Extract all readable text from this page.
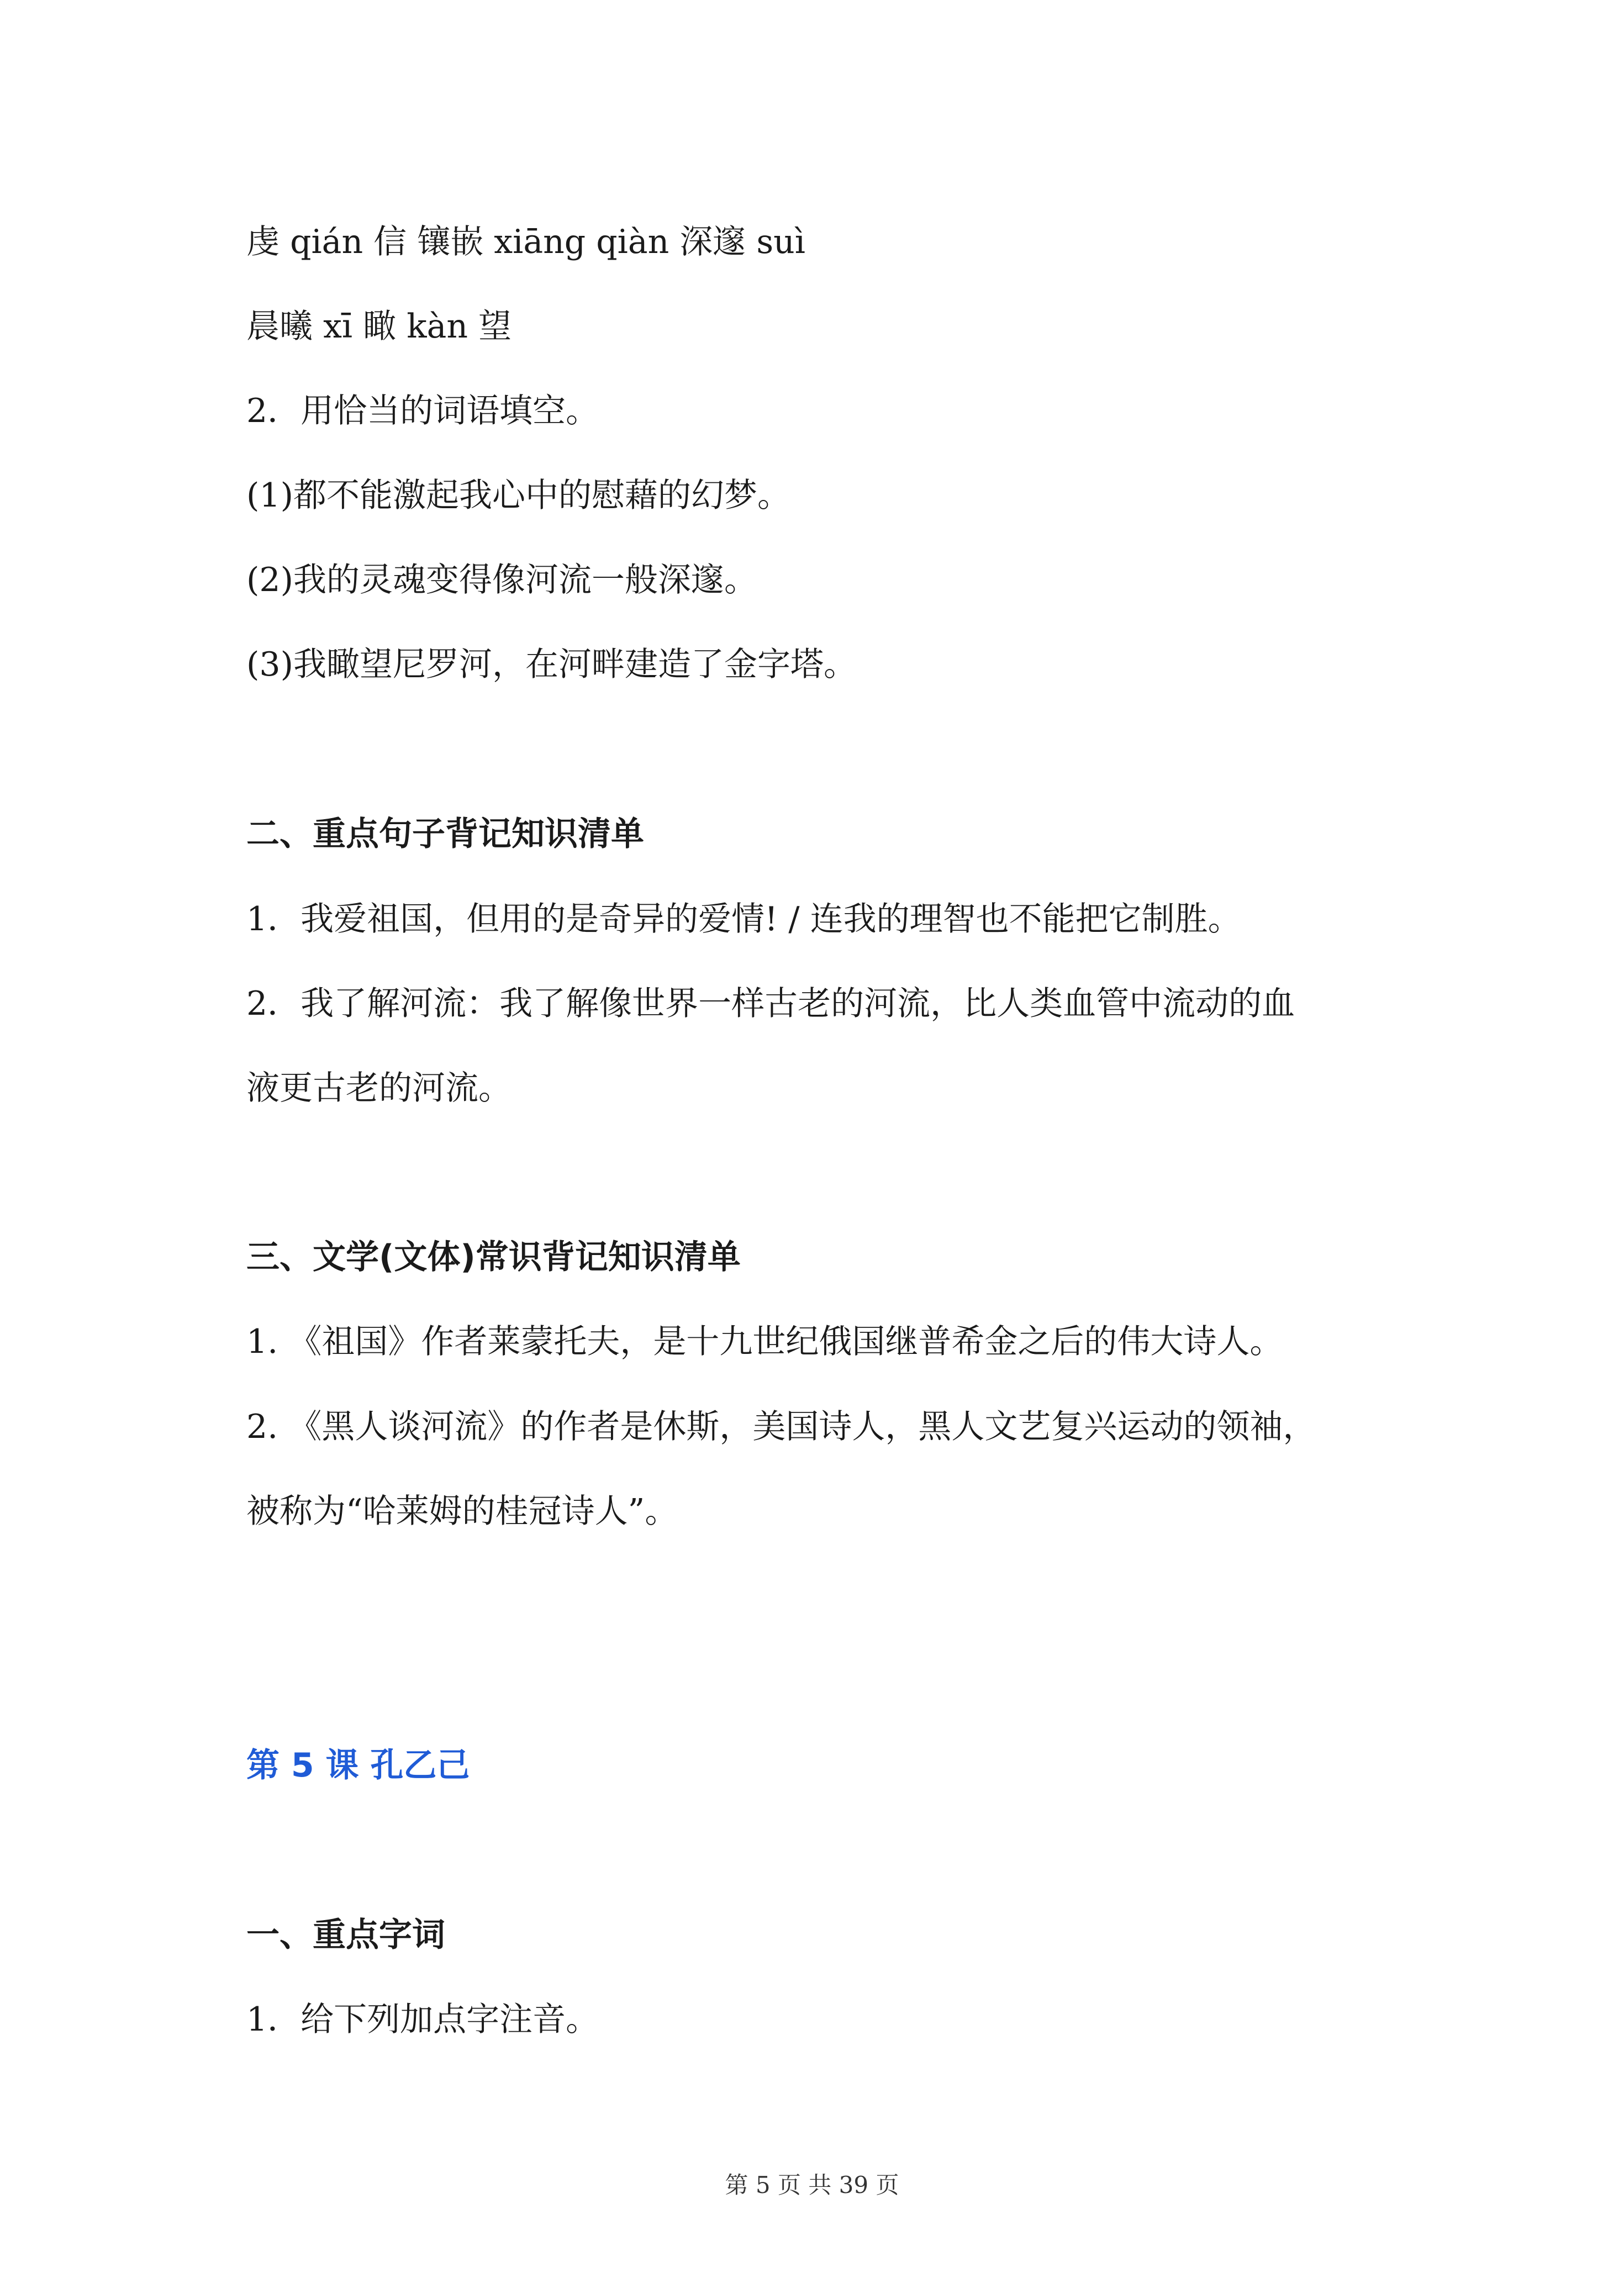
虔 qián 信 镶嵌 xiāng qiàn 深邃 suì
晨曦 xī 瞰 kàn 望
2．用恰当的词语填空。
(1)都不能激起我心中的慰藉的幻梦。
(2)我的灵魂变得像河流一般深邃。
(3)我瞰望尼罗河，在河畔建造了金字塔。
二、重点句子背记知识清单
1．我爱祖国，但用的是奇异的爱情! / 连我的理智也不能把它制胜。
2．我了解河流：我了解像世界一样古老的河流，比人类血管中流动的血
液更古老的河流。
三、文学(文体)常识背记知识清单
1. 《祖国》作者莱蒙托夫，是十九世纪俄国继普希金之后的伟大诗人。
2. 《黑人谈河流》的作者是休斯，美国诗人，黑人文艺复兴运动的领袖，
被称为“哈莱姆的桂冠诗人”。
第 5 课 孔乙己
一、重点字词
1．给下列加点字注音。
第 5 页 共 39 页
